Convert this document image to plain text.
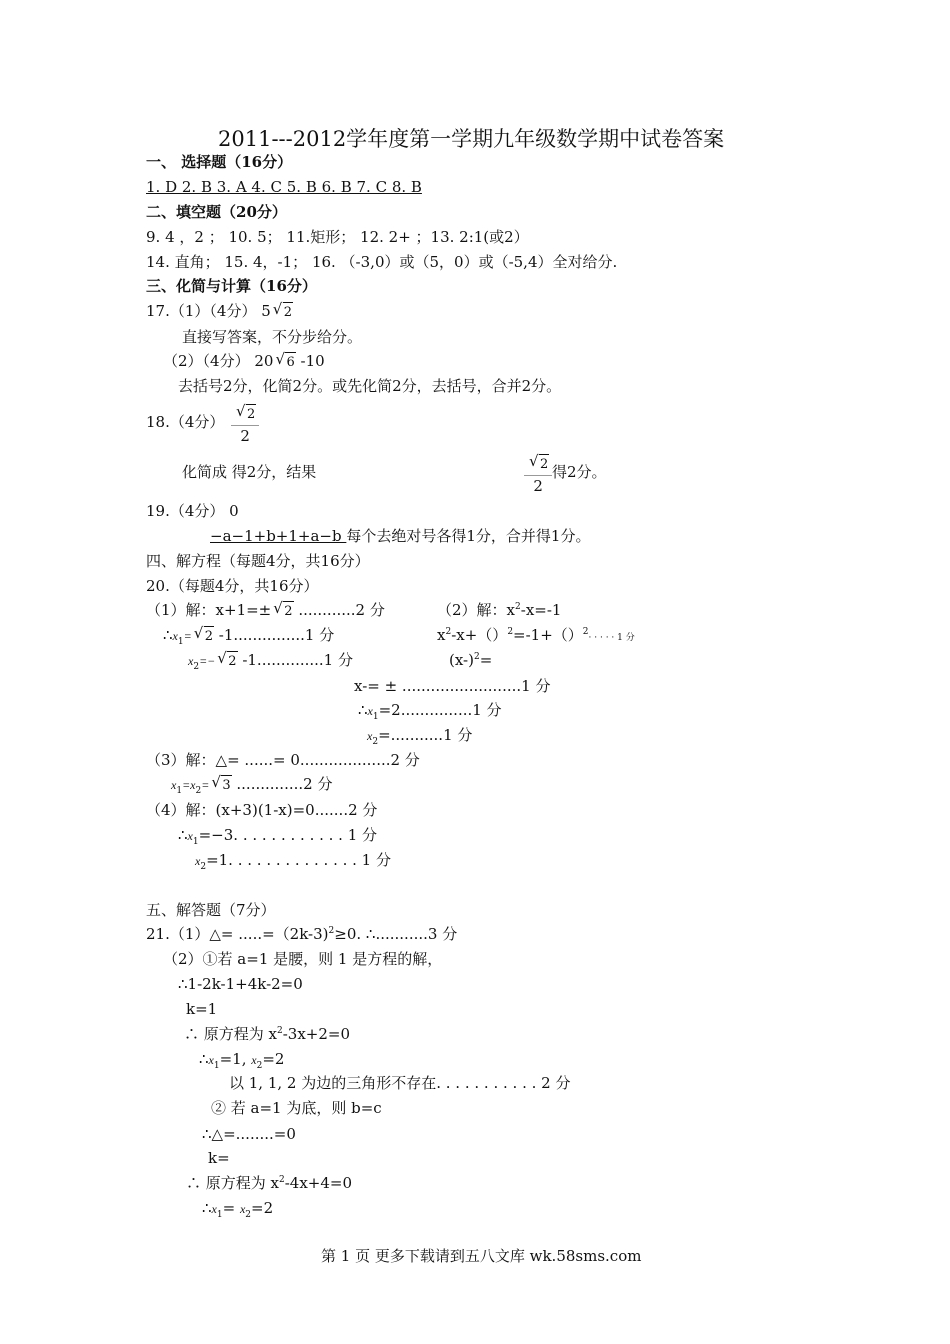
2011---2012学年度第一学期九年级数学期中试卷答案
一、 选择题（16分）
1. D 2. B 3. A 4. C 5. B 6. B 7. C 8. B
二、填空题（20分）
9. 4 ，2 ； 10. 5； 11.矩形； 12. 2+ ；13. 2:1(或2）
14. 直角； 15. 4，-1； 16. （-3,0）或（5，0）或（-5,4）全对给分.
三、化简与计算（16分）
17.（1）（4分） 5√ 2
直接写答案，不分步给分。
（2）（4分） 20√ 6 -10
去括号2分，化简2分。或先化简2分，去括号，合并2分。
18.（4分）
√ $\frac{2}{2}$
化简成 得2分，结果
√	$\frac{2}{2}$ 得2分。
19.（4分） 0
−a−1+b+1+a−b 每个去绝对号各得1分，合并得1分。
四、解方程（每题4分，共16分）
20.（每题4分，共16分）
（1）解：x+1=±√ 2 ............2 分
$\therefore x_1=√$ 2 -1...............1 分
$x_2=-√$ 2 -1..............1 分
（2）解：$x^2-x=-1$
$x^2-x+()^2=-1+()^2\cdot$ · · · · 1 分
$(x-)^2=$
x-= ± .........................1 分
$\therefore x_1=2...............1$ 分
$x_2=...........1$ 分
（3）解：△= ......= 0...................2 分
$x_1=x_2=√$ 3 ..............2 分
（4）解：(x+3)(1-x)=0.......2 分
$\therefore x_1=-3$. . . . . . . . . . . . 1 分
$x_2=1$. . . . . . . . . . . . . . 1 分
五、解答题（7分）
21.（1）△= .....=（2k-3)$^2$≥0. ∴...........3 分
（2）①若 a=1 是腰，则 1 是方程的解，
∴1-2k-1+4k-2=0
k=1
∴ 原方程为 $x^2-3x+2=0$
$\therefore x_1=1$, $x_2=2$
以 1, 1, 2 为边的三角形不存在. . . . . . . . . . . 2 分
② 若 a=1 为底，则 b=c
∴△=........=0
k=
∴ 原方程为 $x^2-4x+4=0$
$\therefore x_1= x_2=2$
第 1 页 更多下载请到五八文库 wk.58sms.com
